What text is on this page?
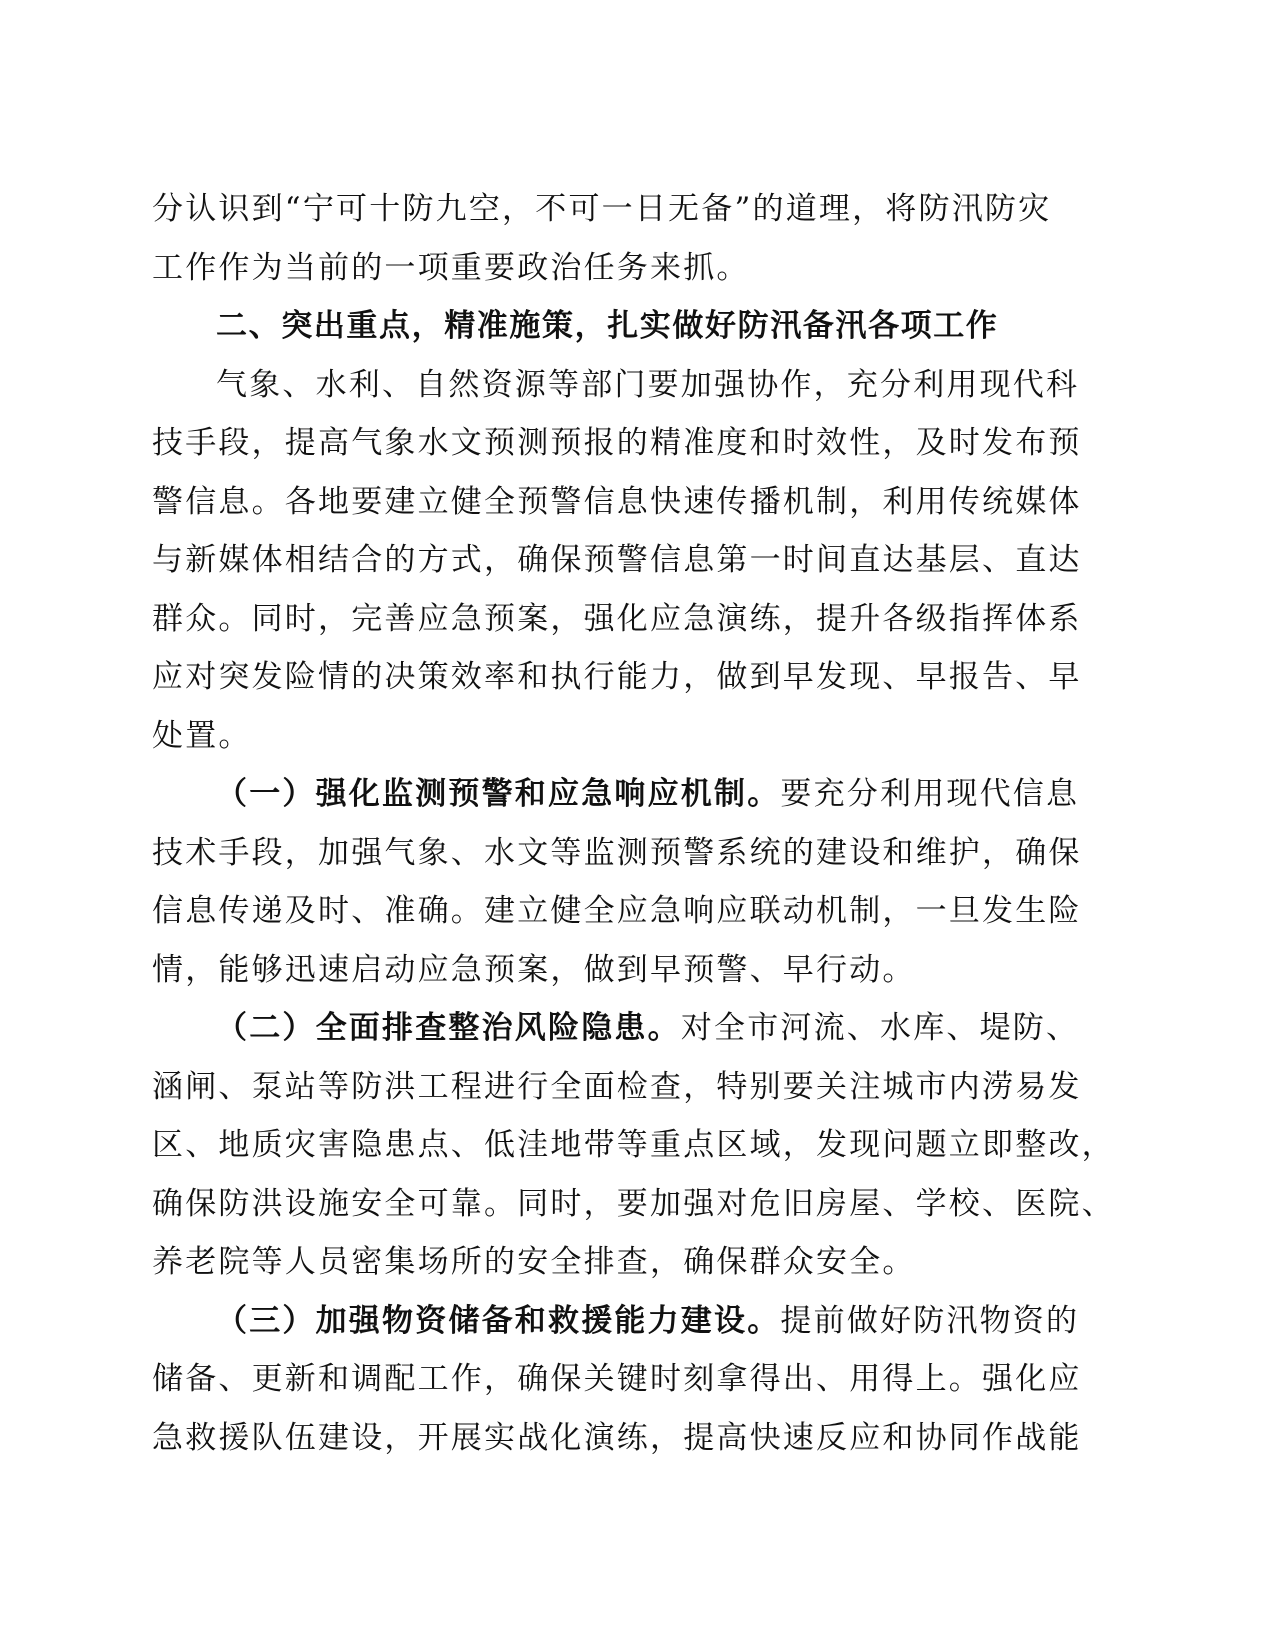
分认识到“宁可十防九空，不可一日无备”的道理，将防汛防灾
工作作为当前的一项重要政治任务来抓。
二、突出重点，精准施策，扎实做好防汛备汛各项工作
气象、水利、自然资源等部门要加强协作，充分利用现代科
技手段，提高气象水文预测预报的精准度和时效性，及时发布预
警信息。各地要建立健全预警信息快速传播机制，利用传统媒体
与新媒体相结合的方式，确保预警信息第一时间直达基层、直达
群众。同时，完善应急预案，强化应急演练，提升各级指挥体系
应对突发险情的决策效率和执行能力，做到早发现、早报告、早
处置。
（一）强化监测预警和应急响应机制。要充分利用现代信息
技术手段，加强气象、水文等监测预警系统的建设和维护，确保
信息传递及时、准确。建立健全应急响应联动机制，一旦发生险
情，能够迅速启动应急预案，做到早预警、早行动。
（二）全面排查整治风险隐患。对全市河流、水库、堤防、
涵闸、泵站等防洪工程进行全面检查，特别要关注城市内涝易发
区、地质灾害隐患点、低洼地带等重点区域，发现问题立即整改，
确保防洪设施安全可靠。同时，要加强对危旧房屋、学校、医院、
养老院等人员密集场所的安全排查，确保群众安全。
（三）加强物资储备和救援能力建设。提前做好防汛物资的
储备、更新和调配工作，确保关键时刻拿得出、用得上。强化应
急救援队伍建设，开展实战化演练，提高快速反应和协同作战能
